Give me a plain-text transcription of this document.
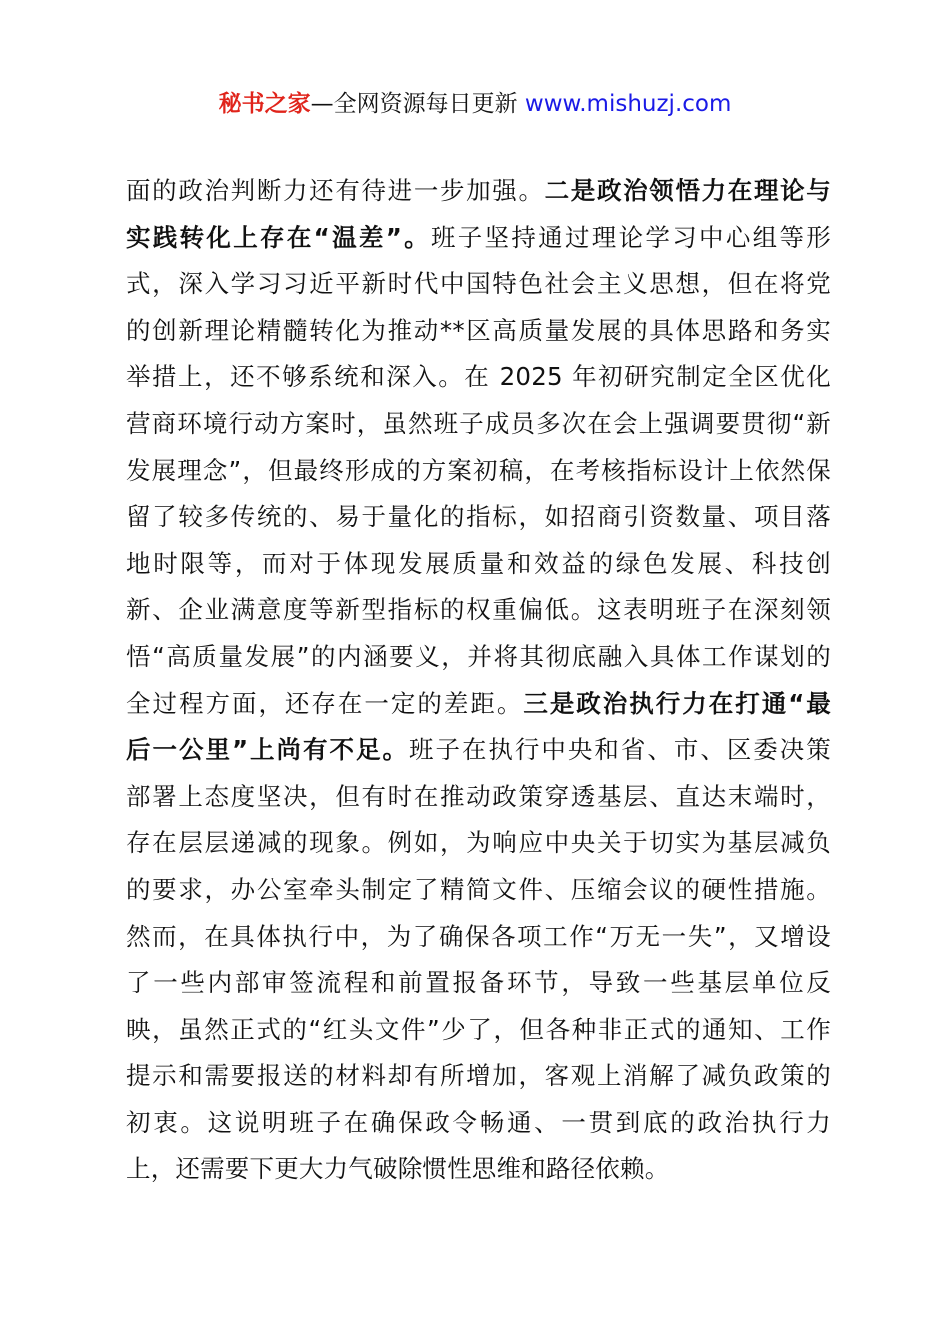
秘书之家—全网资源每日更新 www.mishuzj.com
面的政治判断力还有待进一步加强。二是政治领悟力在理论与
实践转化上存在“温差”。班子坚持通过理论学习中心组等形
式，深入学习习近平新时代中国特色社会主义思想，但在将党
的创新理论精髓转化为推动**区高质量发展的具体思路和务实
举措上，还不够系统和深入。在 2025 年初研究制定全区优化
营商环境行动方案时，虽然班子成员多次在会上强调要贯彻“新
发展理念”，但最终形成的方案初稿，在考核指标设计上依然保
留了较多传统的、易于量化的指标，如招商引资数量、项目落
地时限等，而对于体现发展质量和效益的绿色发展、科技创
新、企业满意度等新型指标的权重偏低。这表明班子在深刻领
悟“高质量发展”的内涵要义，并将其彻底融入具体工作谋划的
全过程方面，还存在一定的差距。三是政治执行力在打通“最
后一公里”上尚有不足。班子在执行中央和省、市、区委决策
部署上态度坚决，但有时在推动政策穿透基层、直达末端时，
存在层层递减的现象。例如，为响应中央关于切实为基层减负
的要求，办公室牵头制定了精简文件、压缩会议的硬性措施。
然而，在具体执行中，为了确保各项工作“万无一失”，又增设
了一些内部审签流程和前置报备环节，导致一些基层单位反
映，虽然正式的“红头文件”少了，但各种非正式的通知、工作
提示和需要报送的材料却有所增加，客观上消解了减负政策的
初衷。这说明班子在确保政令畅通、一贯到底的政治执行力
上，还需要下更大力气破除惯性思维和路径依赖。
